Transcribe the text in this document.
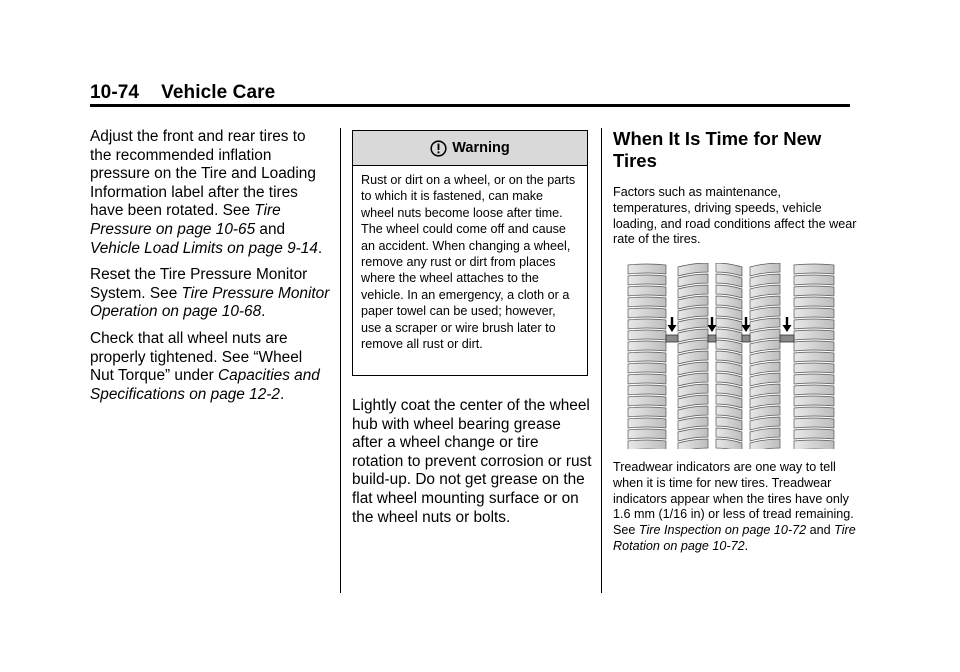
10-74 Vehicle Care

Adjust the front and rear tires to the recommended inflation pressure on the Tire and Loading Information label after the tires have been rotated. See Tire Pressure on page 10-65 and Vehicle Load Limits on page 9-14.

Reset the Tire Pressure Monitor System. See Tire Pressure Monitor Operation on page 10-68.

Check that all wheel nuts are properly tightened. See “Wheel Nut Torque” under Capacities and Specifications on page 12-2.

Warning
Rust or dirt on a wheel, or on the parts to which it is fastened, can make wheel nuts become loose after time. The wheel could come off and cause an accident. When changing a wheel, remove any rust or dirt from places where the wheel attaches to the vehicle. In an emergency, a cloth or a paper towel can be used; however, use a scraper or wire brush later to remove all rust or dirt.
Lightly coat the center of the wheel hub with wheel bearing grease after a wheel change or tire rotation to prevent corrosion or rust build-up. Do not get grease on the flat wheel mounting surface or on the wheel nuts or bolts.
When It Is Time for New Tires
Factors such as maintenance, temperatures, driving speeds, vehicle loading, and road conditions affect the wear rate of the tires.
Treadwear indicators are one way to tell when it is time for new tires. Treadwear indicators appear when the tires have only 1.6 mm (1/16 in) or less of tread remaining. See Tire Inspection on page 10-72 and Tire Rotation on page 10-72.
